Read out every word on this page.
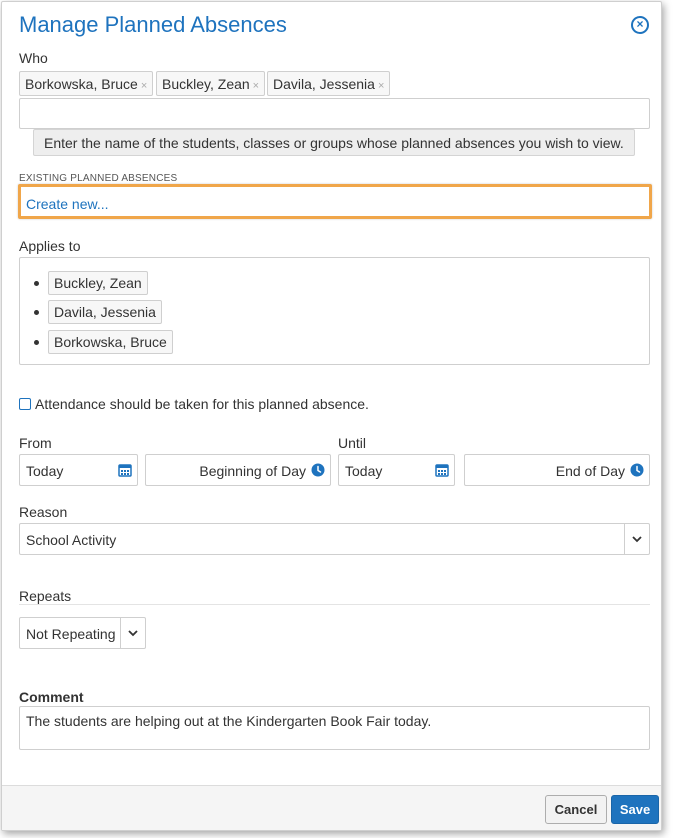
Manage Planned Absences	×
Who
Borkowska, Bruce ×	Buckley, Zean × Davila, Jessenia ×
Enter the name of the students, classes or groups whose planned absences you wish to view.
EXISTING PLANNED ABSENCES
Create new...
Applies to
Buckley, Zean
Davila, Jessenia
Borkowska, Bruce
Attendance should be taken for this planned absence.
From	Until
Today	Beginning of Day	Today	End of Day
Reason
School Activity
Repeats
Not Repeating
Comment
The students are helping out at the Kindergarten Book Fair today.
Cancel	Save
